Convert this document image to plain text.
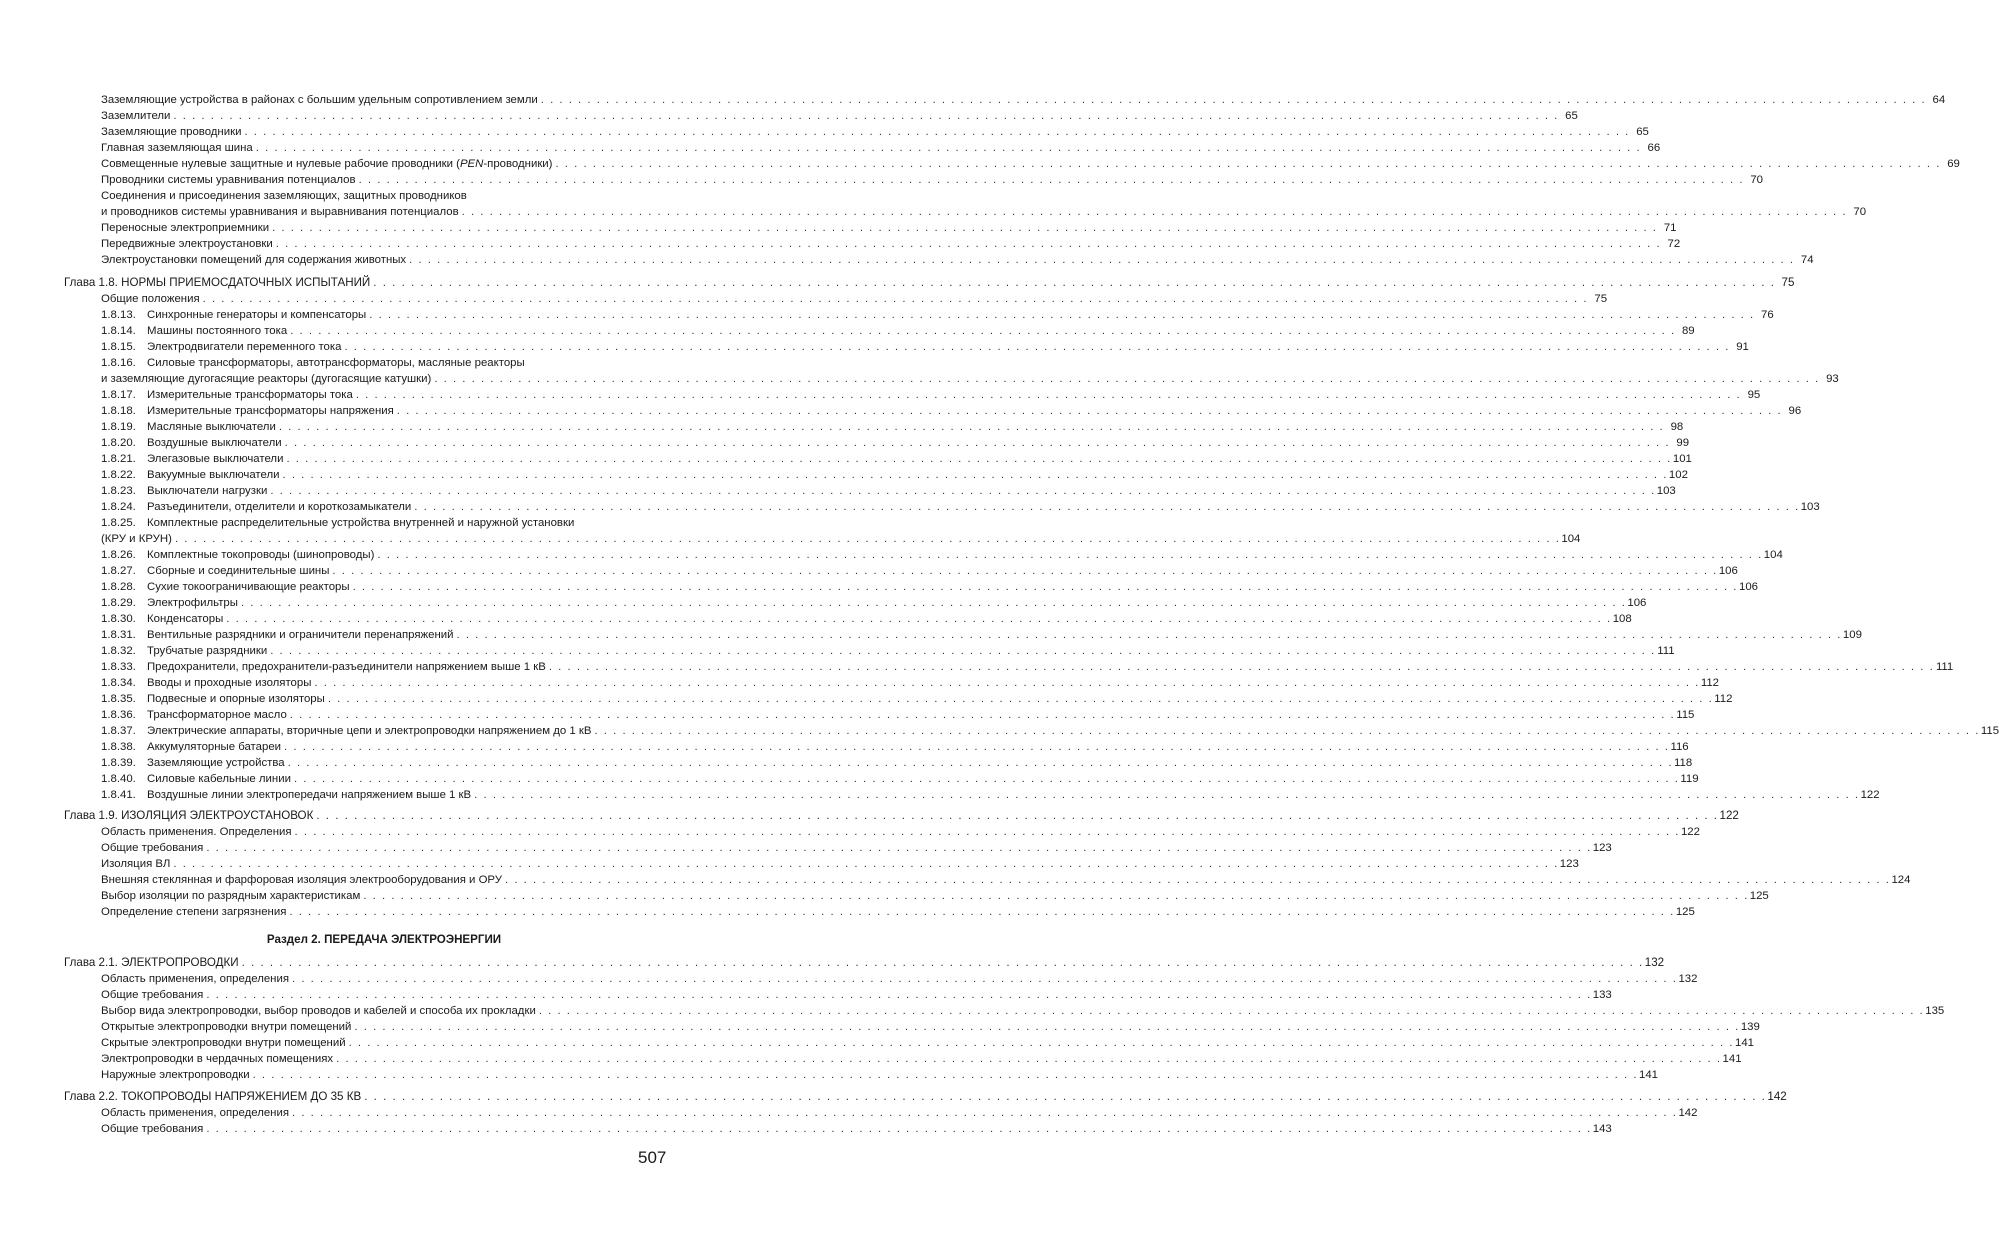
Заземляющие устройства в районах с большим удельным сопротивлением земли . . .	64
Заземлители . . .	65
Заземляющие проводники . . .	65
Главная заземляющая шина . . .	66
Совмещенные нулевые защитные и нулевые рабочие проводники (PEN-проводники) . . .	69
Проводники системы уравнивания потенциалов . . .	70
Соединения и присоединения заземляющих, защитных проводников
и проводников системы уравнивания и выравнивания потенциалов . . .	70
Переносные электроприемники . . .	71
Передвижные электроустановки . . .	72
Электроустановки помещений для содержания животных . . .	74
Глава 1.8. НОРМЫ ПРИЕМОСДАТОЧНЫХ ИСПЫТАНИЙ . . .	75
Общие положения . . .	75
1.8.13. Синхронные генераторы и компенсаторы . . .	76
1.8.14. Машины постоянного тока . . .	89
1.8.15. Электродвигатели переменного тока . . .	91
1.8.16. Силовые трансформаторы, автотрансформаторы, масляные реакторы
и заземляющие дугогасящие реакторы (дугогасящие катушки) . . .	93
1.8.17. Измерительные трансформаторы тока . . .	95
1.8.18. Измерительные трансформаторы напряжения . . .	96
1.8.19. Масляные выключатели . . .	98
1.8.20. Воздушные выключатели . . .	99
1.8.21. Элегазовые выключатели . . .	101
1.8.22. Вакуумные выключатели . . .	102
1.8.23. Выключатели нагрузки . . .	103
1.8.24. Разъединители, отделители и короткозамыкатели . . .	103
1.8.25. Комплектные распределительные устройства внутренней и наружной установки
(КРУ и КРУН) . . .	104
1.8.26. Комплектные токопроводы (шинопроводы) . . .	104
1.8.27. Сборные и соединительные шины . . .	106
1.8.28. Сухие токоограничивающие реакторы . . .	106
1.8.29. Электрофильтры . . .	106
1.8.30. Конденсаторы . . .	108
1.8.31. Вентильные разрядники и ограничители перенапряжений . . .	109
1.8.32. Трубчатые разрядники . . .	111
1.8.33. Предохранители, предохранители-разъединители напряжением выше 1 кВ . . .	111
1.8.34. Вводы и проходные изоляторы . . .	112
1.8.35. Подвесные и опорные изоляторы . . .	112
1.8.36. Трансформаторное масло . . .	115
1.8.37. Электрические аппараты, вторичные цепи и электропроводки напряжением до 1 кВ . . .	115
1.8.38. Аккумуляторные батареи . . .	116
1.8.39. Заземляющие устройства . . .	118
1.8.40. Силовые кабельные линии . . .	119
1.8.41. Воздушные линии электропередачи напряжением выше 1 кВ . . .	122
Глава 1.9. ИЗОЛЯЦИЯ ЭЛЕКТРОУСТАНОВОК . . .	122
Область применения. Определения . . .	122
Общие требования . . .	123
Изоляция ВЛ . . .	123
Внешняя стеклянная и фарфоровая изоляция электрооборудования и ОРУ . . .	124
Выбор изоляции по разрядным характеристикам . . .	125
Определение степени загрязнения . . .	125
Глава 2.1. ЭЛЕКТРОПРОВОДКИ . . .	132
Область применения, определения . . .	132
Общие требования . . .	133
Выбор вида электропроводки, выбор проводов и кабелей и способа их прокладки . . .	135
Открытые электропроводки внутри помещений . . .	139
Скрытые электропроводки внутри помещений . . .	141
Электропроводки в чердачных помещениях . . .	141
Наружные электропроводки . . .	141
Глава 2.2. ТОКОПРОВОДЫ НАПРЯЖЕНИЕМ ДО 35 КВ . . .	142
Область применения, определения . . .	142
Общие требования . . .	143
Раздел 2. ПЕРЕДАЧА ЭЛЕКТРОЭНЕРГИИ
507
